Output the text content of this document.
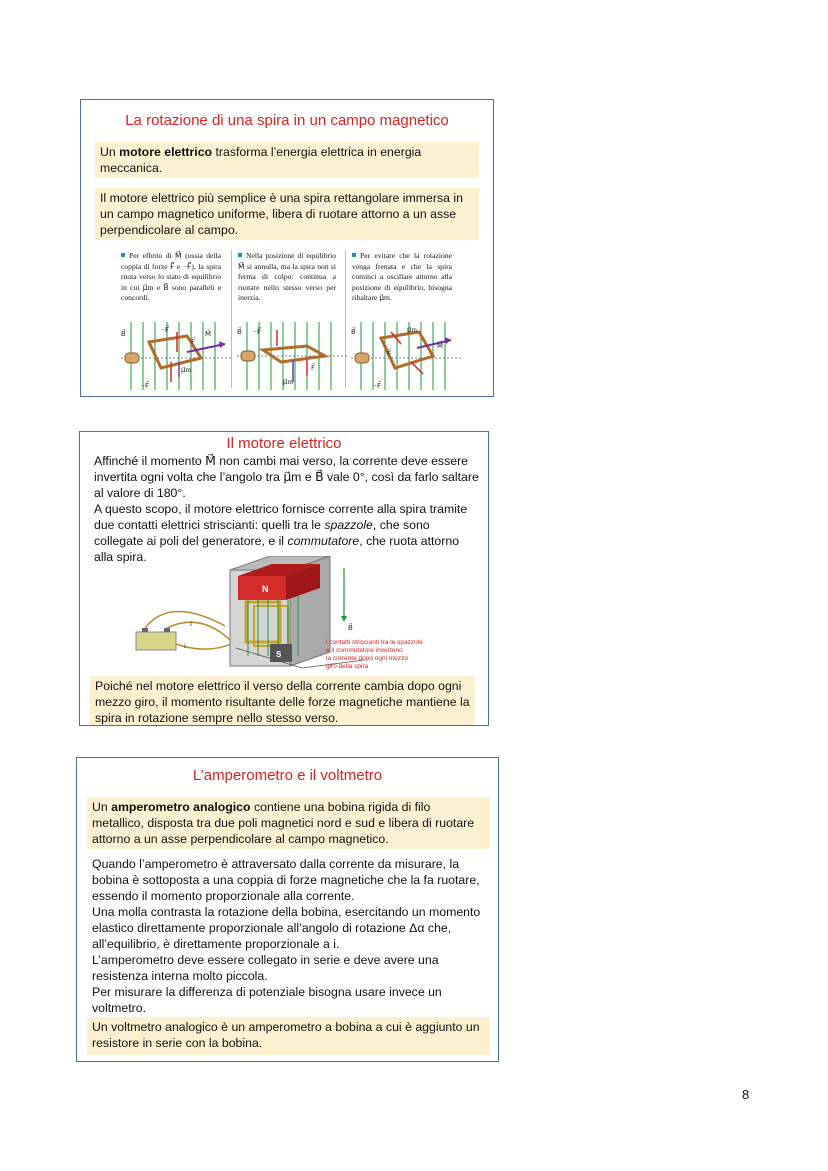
La rotazione di una spira in un campo magnetico
Un motore elettrico trasforma l’energia elettrica in energia meccanica.
Il motore elettrico più semplice è una spira rettangolare immersa in un campo magnetico uniforme, libera di ruotare attorno a un asse perpendicolare al campo.
Per effetto di M⃗ (ossia della coppia di forze F⃗ e −F⃗), la spira ruota verso lo stato di equilibrio in cui μ⃗m e B⃗ sono paralleli e concordi.
Nella posizione di equilibrio M⃗ si annulla, ma la spira non si ferma di colpo: continua a ruotare nello stesso verso per inerzia.
Per evitare che la rotazione venga frenata e che la spira cominci a oscillare attorno alla posizione di equilibrio, bisogna ribaltare μ⃗m.
B⃗	−F⃗	M⃗
μ⃗m
−F⃗
F⃗
B⃗ −F⃗
F⃗
μ⃗m
B⃗	μ⃗m
M⃗
F⃗
−F⃗
Il motore elettrico
Affinché il momento M⃗ non cambi mai verso, la corrente deve essere invertita ogni volta che l’angolo tra μ⃗m e B⃗ vale 0°, così da farlo saltare al valore di 180°.
A questo scopo, il motore elettrico fornisce corrente alla spira tramite due contatti elettrici striscianti: quelli tra le spazzole, che sono collegate ai poli del generatore, e il commutatore, che ruota attorno alla spira.
i
i
N
S
B⃗
i contatti striscianti tra le spazzole
e il commutatore invertono
la corrente dopo ogni mezzo
giro della spira
Poiché nel motore elettrico il verso della corrente cambia dopo ogni mezzo giro, il momento risultante delle forze magnetiche mantiene la spira in rotazione sempre nello stesso verso.
L’amperometro e il voltmetro
Un amperometro analogico contiene una bobina rigida di filo metallico, disposta tra due poli magnetici nord e sud e libera di ruotare attorno a un asse perpendicolare al campo magnetico.
Quando l’amperometro è attraversato dalla corrente da misurare, la bobina è sottoposta a una coppia di forze magnetiche che la fa ruotare, essendo il momento proporzionale alla corrente.
Una molla contrasta la rotazione della bobina, esercitando un momento elastico direttamente proporzionale all’angolo di rotazione Δα che, all’equilibrio, è direttamente proporzionale a i.
L’amperometro deve essere collegato in serie e deve avere una resistenza interna molto piccola.
Per misurare la differenza di potenziale bisogna usare invece un voltmetro.
Un voltmetro analogico è un amperometro a bobina a cui è aggiunto un resistore in serie con la bobina.
8
